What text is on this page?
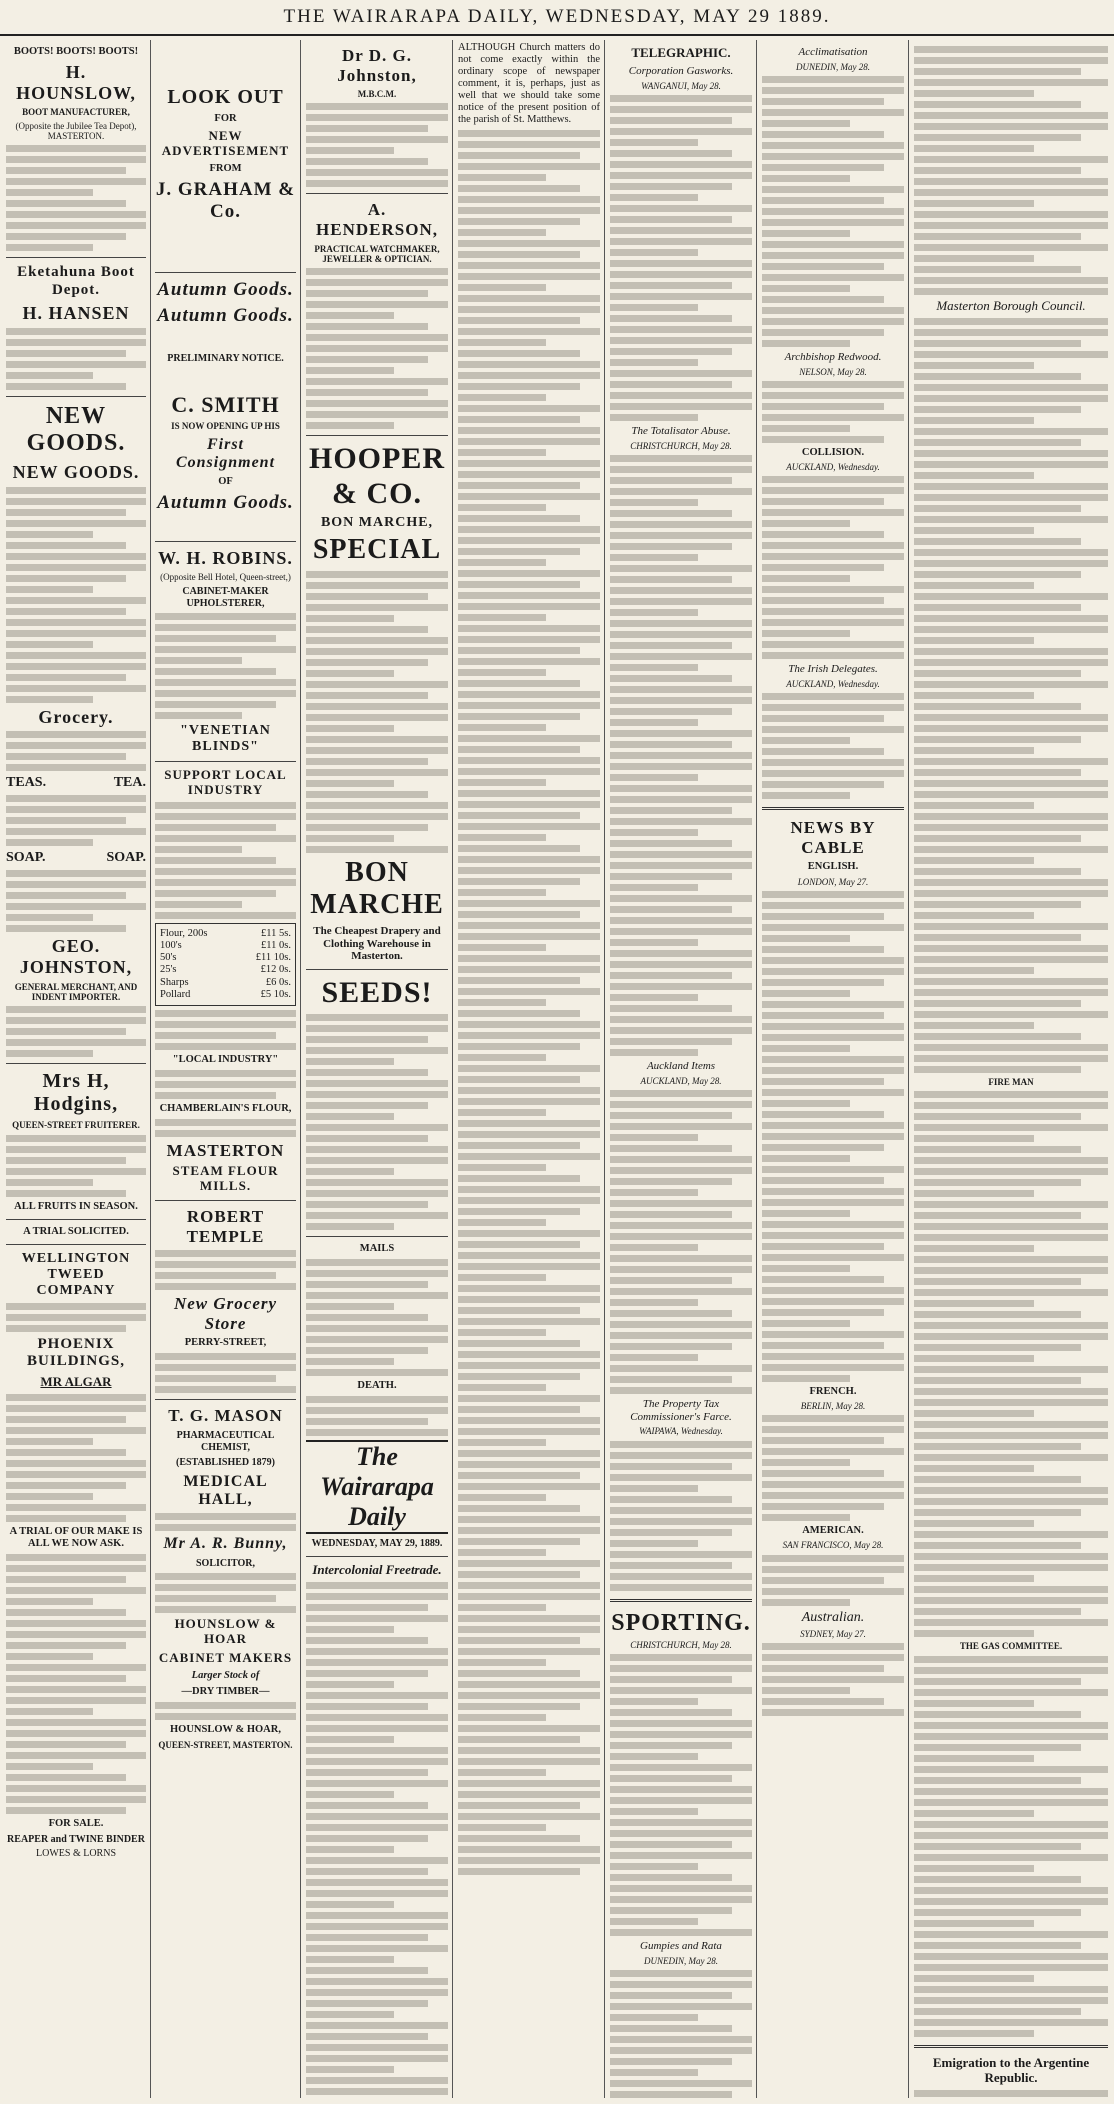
THE WAIRARAPA DAILY, WEDNESDAY, MAY 29 1889.
BOOTS! BOOTS! BOOTS!
H. HOUNSLOW,
BOOT MANUFACTURER,
(Opposite the Jubilee Tea Depot), MASTERTON.
Eketahuna Boot Depot.
H. HANSEN
NEW GOODS.
NEW GOODS.
Grocery.
TEAS.	TEA.
SOAP.	SOAP.
GEO. JOHNSTON,
GENERAL MERCHANT, AND INDENT IMPORTER.
Mrs H, Hodgins,
QUEEN-STREET FRUITERER.
ALL FRUITS IN SEASON.
A TRIAL SOLICITED.
WELLINGTON TWEED COMPANY
PHOENIX BUILDINGS,
MR ALGAR
A TRIAL OF OUR MAKE IS ALL WE NOW ASK.
FOR SALE.
REAPER and TWINE BINDER
LOWES & LORNS
LOOK OUT
FOR
NEW ADVERTISEMENT
FROM
J. GRAHAM & Co.
Autumn Goods.
Autumn Goods.
PRELIMINARY NOTICE.
C. SMITH
IS NOW OPENING UP HIS
First Consignment
OF
Autumn Goods.
W. H. ROBINS.
(Opposite Bell Hotel, Queen-street,)
CABINET-MAKER UPHOLSTERER,
"VENETIAN BLINDS"
SUPPORT LOCAL INDUSTRY
Flour, 200s	£11 5s.
100's	£11 0s.
50's	£11 10s.
25's	£12 0s.
Sharps	£6 0s.
Pollard	£5 10s.
"LOCAL INDUSTRY"
CHAMBERLAIN'S FLOUR,
MASTERTON
STEAM FLOUR MILLS.
ROBERT TEMPLE
New Grocery Store
PERRY-STREET,
T. G. MASON
PHARMACEUTICAL CHEMIST,
(ESTABLISHED 1879)
MEDICAL HALL,
Mr A. R. Bunny,
SOLICITOR,
HOUNSLOW & HOAR
CABINET MAKERS
Larger Stock of
—DRY TIMBER—
HOUNSLOW & HOAR,
QUEEN-STREET, MASTERTON.
Dr D. G. Johnston,
M.B.C.M.
A. HENDERSON,
PRACTICAL WATCHMAKER, JEWELLER & OPTICIAN.
HOOPER & CO.
BON MARCHE,
SPECIAL
BON MARCHE
The Cheapest Drapery and Clothing Warehouse in Masterton.
SEEDS!
MAILS
DEATH.
The Wairarapa Daily
WEDNESDAY, MAY 29, 1889.
Intercolonial Freetrade.

ALTHOUGH Church matters do not come exactly within the ordinary scope of newspaper comment, it is, perhaps, just as well that we should take some notice of the present position of the parish of St. Matthews.

TELEGRAPHIC.
Corporation Gasworks.
WANGANUI, May 28.
The Totalisator Abuse.
CHRISTCHURCH, May 28.
Auckland Items
AUCKLAND, May 28.
The Property Tax Commissioner's Farce.
WAIPAWA, Wednesday.
SPORTING.
CHRISTCHURCH, May 28.
Gumpies and Rata
DUNEDIN, May 28.
Acclimatisation
DUNEDIN, May 28.
Archbishop Redwood.
NELSON, May 28.
COLLISION.
AUCKLAND, Wednesday.
The Irish Delegates.
AUCKLAND, Wednesday.
NEWS BY CABLE
ENGLISH.
LONDON, May 27.
FRENCH.
BERLIN, May 28.
AMERICAN.
SAN FRANCISCO, May 28.
Australian.
SYDNEY, May 27.
Masterton Borough Council.
FIRE MAN
THE GAS COMMITTEE.
Emigration to the Argentine Republic.
